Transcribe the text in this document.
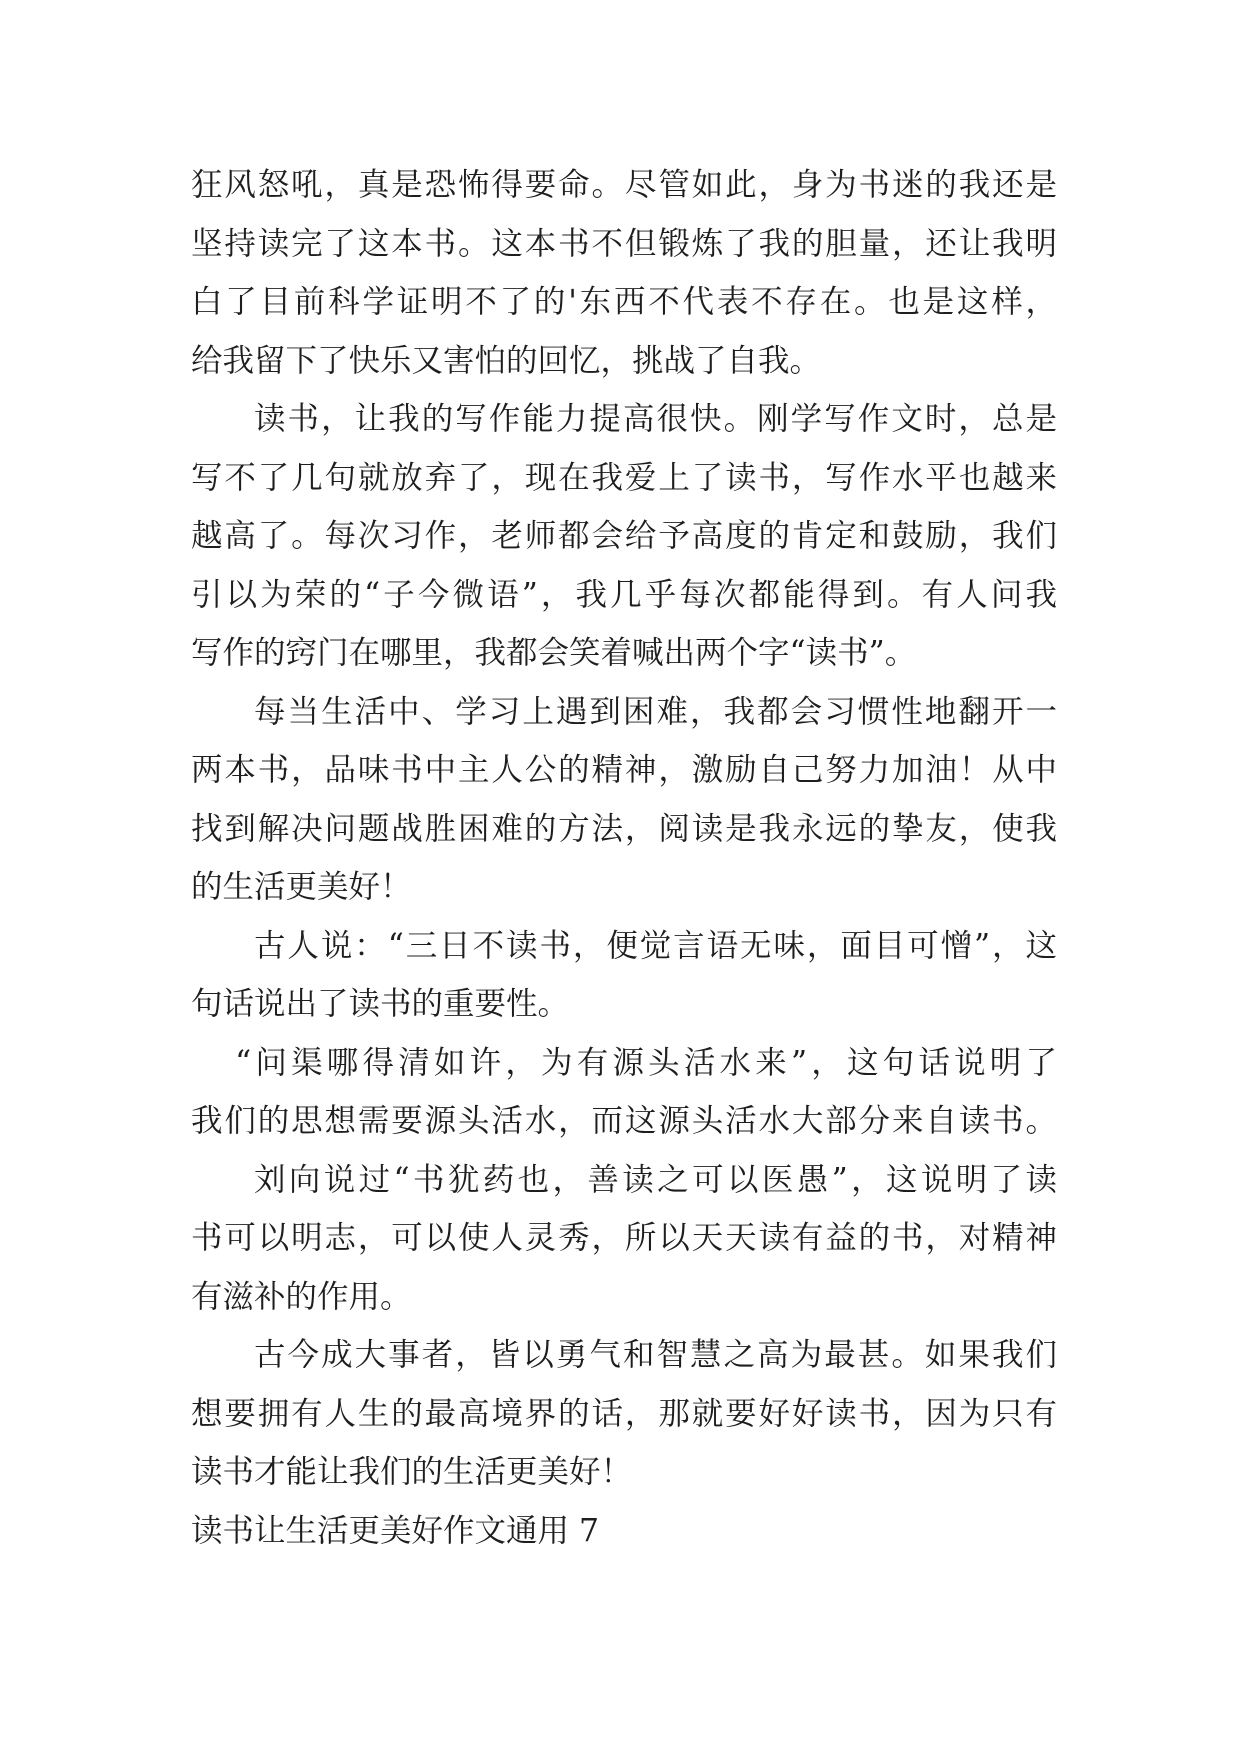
狂风怒吼，真是恐怖得要命。尽管如此，身为书迷的我还是
坚持读完了这本书。这本书不但锻炼了我的胆量，还让我明
白了目前科学证明不了的'东西不代表不存在。也是这样，
给我留下了快乐又害怕的回忆，挑战了自我。
读书，让我的写作能力提高很快。刚学写作文时，总是
写不了几句就放弃了，现在我爱上了读书，写作水平也越来
越高了。每次习作，老师都会给予高度的肯定和鼓励，我们
引以为荣的“子今微语”，我几乎每次都能得到。有人问我
写作的窍门在哪里，我都会笑着喊出两个字“读书”。
每当生活中、学习上遇到困难，我都会习惯性地翻开一
两本书，品味书中主人公的精神，激励自己努力加油！从中
找到解决问题战胜困难的方法，阅读是我永远的挚友，使我
的生活更美好！
古人说：“三日不读书，便觉言语无味，面目可憎”，这
句话说出了读书的重要性。
“问渠哪得清如许，为有源头活水来”，这句话说明了
我们的思想需要源头活水，而这源头活水大部分来自读书。
刘向说过“书犹药也，善读之可以医愚”，这说明了读
书可以明志，可以使人灵秀，所以天天读有益的书，对精神
有滋补的作用。
古今成大事者，皆以勇气和智慧之高为最甚。如果我们
想要拥有人生的最高境界的话，那就要好好读书，因为只有
读书才能让我们的生活更美好！
读书让生活更美好作文通用 7
